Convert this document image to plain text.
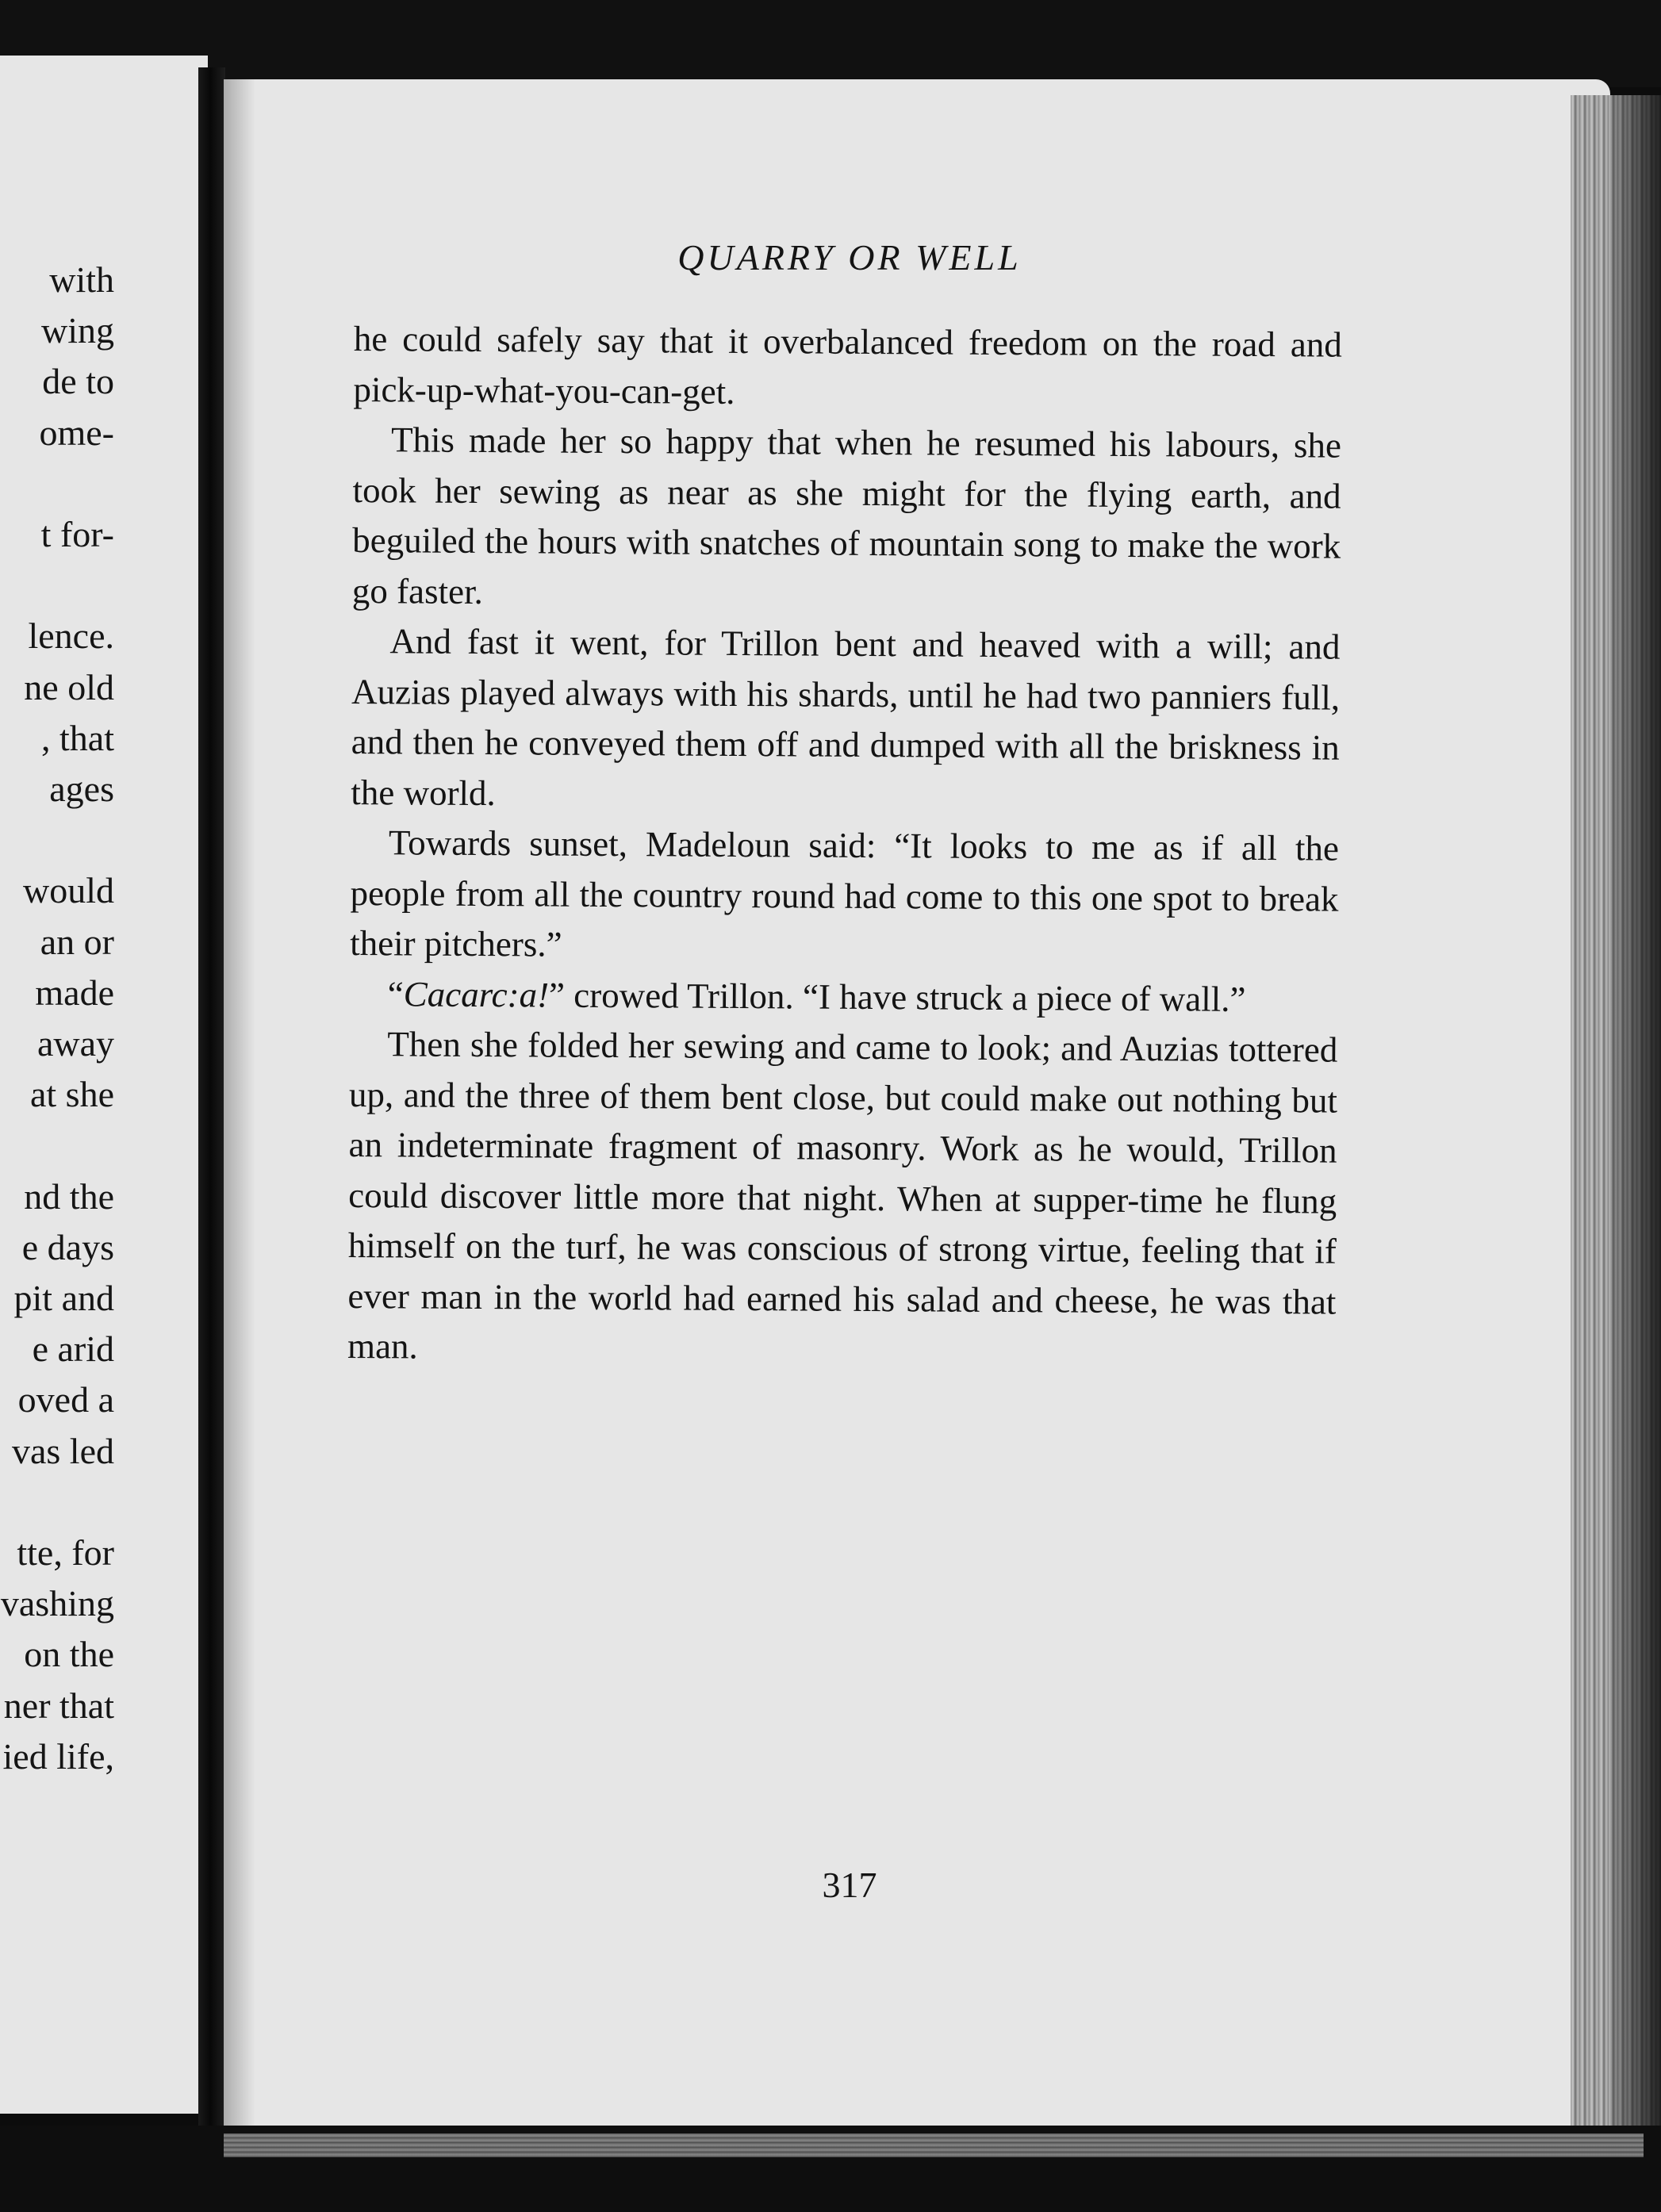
with
wing
de to
ome-
t for-
lence.
ne old
, that
ages
would
an or
made
away
at she
nd the
e days
pit and
e arid
oved a
vas led
tte, for
vashing
on the
ner that
ied life,
QUARRY OR WELL

he could safely say that it overbalanced freedom on the road and pick-up-what-you-can-get.

This made her so happy that when he resumed his labours, she took her sewing as near as she might for the flying earth, and beguiled the hours with snatches of mountain song to make the work go faster.

And fast it went, for Trillon bent and heaved with a will; and Auzias played always with his shards, until he had two panniers full, and then he conveyed them off and dumped with all the briskness in the world.

Towards sunset, Madeloun said: “It looks to me as if all the people from all the country round had come to this one spot to break their pitchers.”

“Cacarc:a!” crowed Trillon. “I have struck a piece of wall.”

Then she folded her sewing and came to look; and Auzias tottered up, and the three of them bent close, but could make out nothing but an indeterminate fragment of masonry. Work as he would, Trillon could discover little more that night. When at supper-time he flung himself on the turf, he was conscious of strong virtue, feeling that if ever man in the world had earned his salad and cheese, he was that man.

317
